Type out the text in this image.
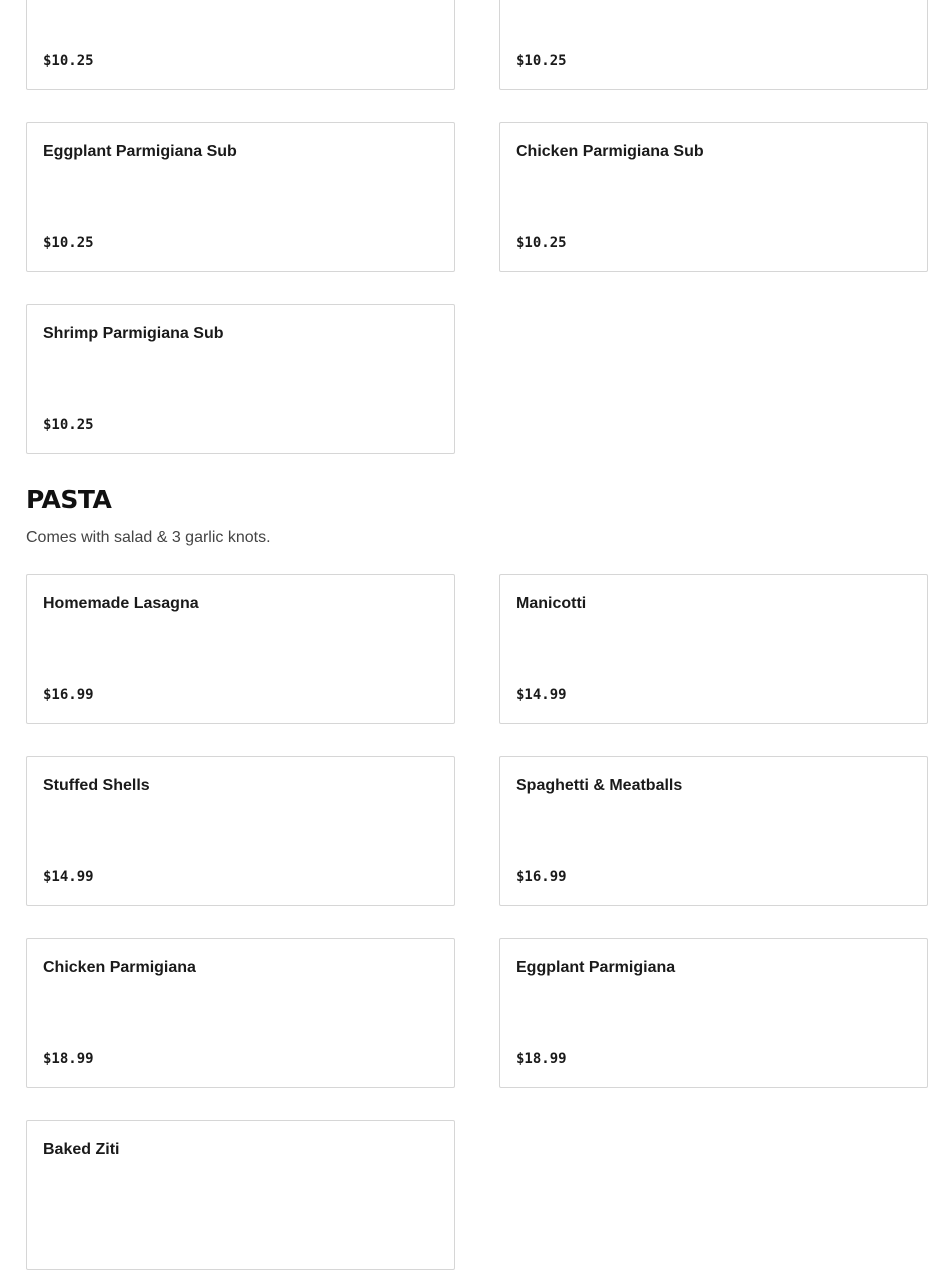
$10.25	$10.25
Eggplant Parmigiana Sub
$10.25
Chicken Parmigiana Sub
$10.25
Shrimp Parmigiana Sub
$10.25
PASTA

Comes with salad & 3 garlic knots.

Homemade Lasagna
$16.99
Manicotti
$14.99
Stuffed Shells
$14.99
Spaghetti & Meatballs
$16.99
Chicken Parmigiana
$18.99
Eggplant Parmigiana
$18.99
Baked Ziti
